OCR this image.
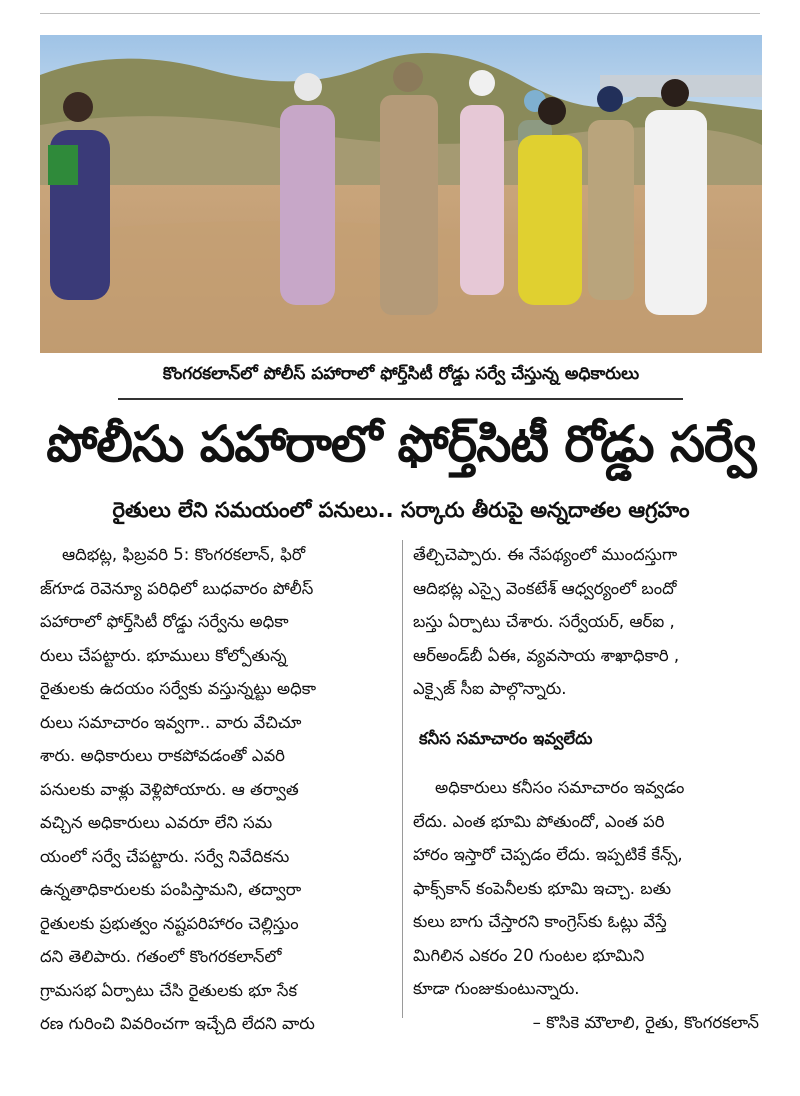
కొంగరకలాన్‌లో పోలీస్ పహారాలో ఫోర్త్‌సిటీ రోడ్డు సర్వే చేస్తున్న అధికారులు
పోలీసు పహారాలో ఫోర్త్‌సిటీ రోడ్డు సర్వే
రైతులు లేని సమయంలో పనులు.. సర్కారు తీరుపై అన్నదాతల ఆగ్రహం
ఆదిభట్ల, ఫిబ్రవరి 5: కొంగరకలాన్, ఫిరో
జ్‌గూడ రెవెన్యూ పరిధిలో బుధవారం పోలీస్
పహారాలో ఫోర్త్‌సిటీ రోడ్డు సర్వేను అధికా
రులు చేపట్టారు. భూములు కోల్పోతున్న
రైతులకు ఉదయం సర్వేకు వస్తున్నట్టు అధికా
రులు సమాచారం ఇవ్వగా.. వారు వేచిచూ
శారు. అధికారులు రాకపోవడంతో ఎవరి
పనులకు వాళ్లు వెళ్లిపోయారు. ఆ తర్వాత
వచ్చిన అధికారులు ఎవరూ లేని సమ
యంలో సర్వే చేపట్టారు. సర్వే నివేదికను
ఉన్నతాధికారులకు పంపిస్తామని, తద్వారా
రైతులకు ప్రభుత్వం నష్టపరిహారం చెల్లిస్తుం
దని తెలిపారు. గతంలో కొంగరకలాన్‌లో
గ్రామసభ ఏర్పాటు చేసి రైతులకు భూ సేక
రణ గురించి వివరించగా ఇచ్చేది లేదని వారు
తేల్చిచెప్పారు. ఈ నేపథ్యంలో ముందస్తుగా
ఆదిభట్ల ఎస్సై వెంకటేశ్ ఆధ్వర్యంలో బందో
బస్తు ఏర్పాటు చేశారు. సర్వేయర్, ఆర్ఐ ,
ఆర్అండ్‌బీ ఏఈ, వ్యవసాయ శాఖాధికారి ,
ఎక్సైజ్ సీఐ పాల్గొన్నారు.
కనీస సమాచారం ఇవ్వలేదు
అధికారులు కనీసం సమాచారం ఇవ్వడం
లేదు. ఎంత భూమి పోతుందో, ఎంత పరి
హారం ఇస్తారో చెప్పడం లేదు. ఇప్పటికే కేన్స్,
ఫాక్స్‌కాన్ కంపెనీలకు భూమి ఇచ్చా. బతు
కులు బాగు చేస్తారని కాంగ్రెస్‌కు ఓట్లు వేస్తే
మిగిలిన ఎకరం 20 గుంటల భూమిని
కూడా గుంజుకుంటున్నారు.
– కొసికె మౌలాలి, రైతు, కొంగరకలాన్
